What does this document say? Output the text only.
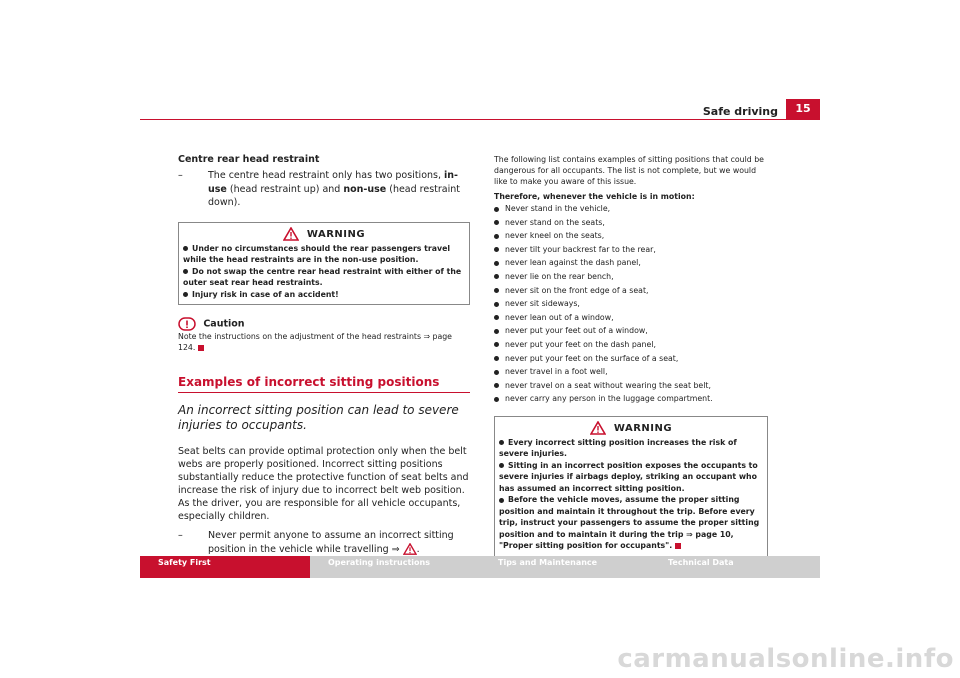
Safe driving	15
Centre rear head restraint
–	The centre head restraint only has two positions, in-use (head restraint up) and non-use (head restraint down).
WARNING
Under no circumstances should the rear passengers travel while the head restraints are in the non-use position.
Do not swap the centre rear head restraint with either of the outer seat rear head restraints.
Injury risk in case of an accident!
Caution
Note the instructions on the adjustment of the head restraints ⇒ page 124.
Examples of incorrect sitting positions
An incorrect sitting position can lead to severe injuries to occupants.
Seat belts can provide optimal protection only when the belt webs are properly positioned. Incorrect sitting positions substantially reduce the protective function of seat belts and increase the risk of injury due to incorrect belt web position. As the driver, you are responsible for all vehicle occupants, especially children.
–	Never permit anyone to assume an incorrect sitting position in the vehicle while travelling ⇒ .
The following list contains examples of sitting positions that could be dangerous for all occupants. The list is not complete, but we would like to make you aware of this issue.
Therefore, whenever the vehicle is in motion:
Never stand in the vehicle,
never stand on the seats,
never kneel on the seats,
never tilt your backrest far to the rear,
never lean against the dash panel,
never lie on the rear bench,
never sit on the front edge of a seat,
never sit sideways,
never lean out of a window,
never put your feet out of a window,
never put your feet on the dash panel,
never put your feet on the surface of a seat,
never travel in a foot well,
never travel on a seat without wearing the seat belt,
never carry any person in the luggage compartment.
WARNING
Every incorrect sitting position increases the risk of severe injuries.
Sitting in an incorrect position exposes the occupants to severe injuries if airbags deploy, striking an occupant who has assumed an incorrect sitting position.
Before the vehicle moves, assume the proper sitting position and maintain it throughout the trip. Before every trip, instruct your passengers to assume the proper sitting position and to maintain it during the trip ⇒ page 10, "Proper sitting position for occupants".
Safety First	Operating instructions	Tips and Maintenance	Technical Data
carmanualsonline.info
